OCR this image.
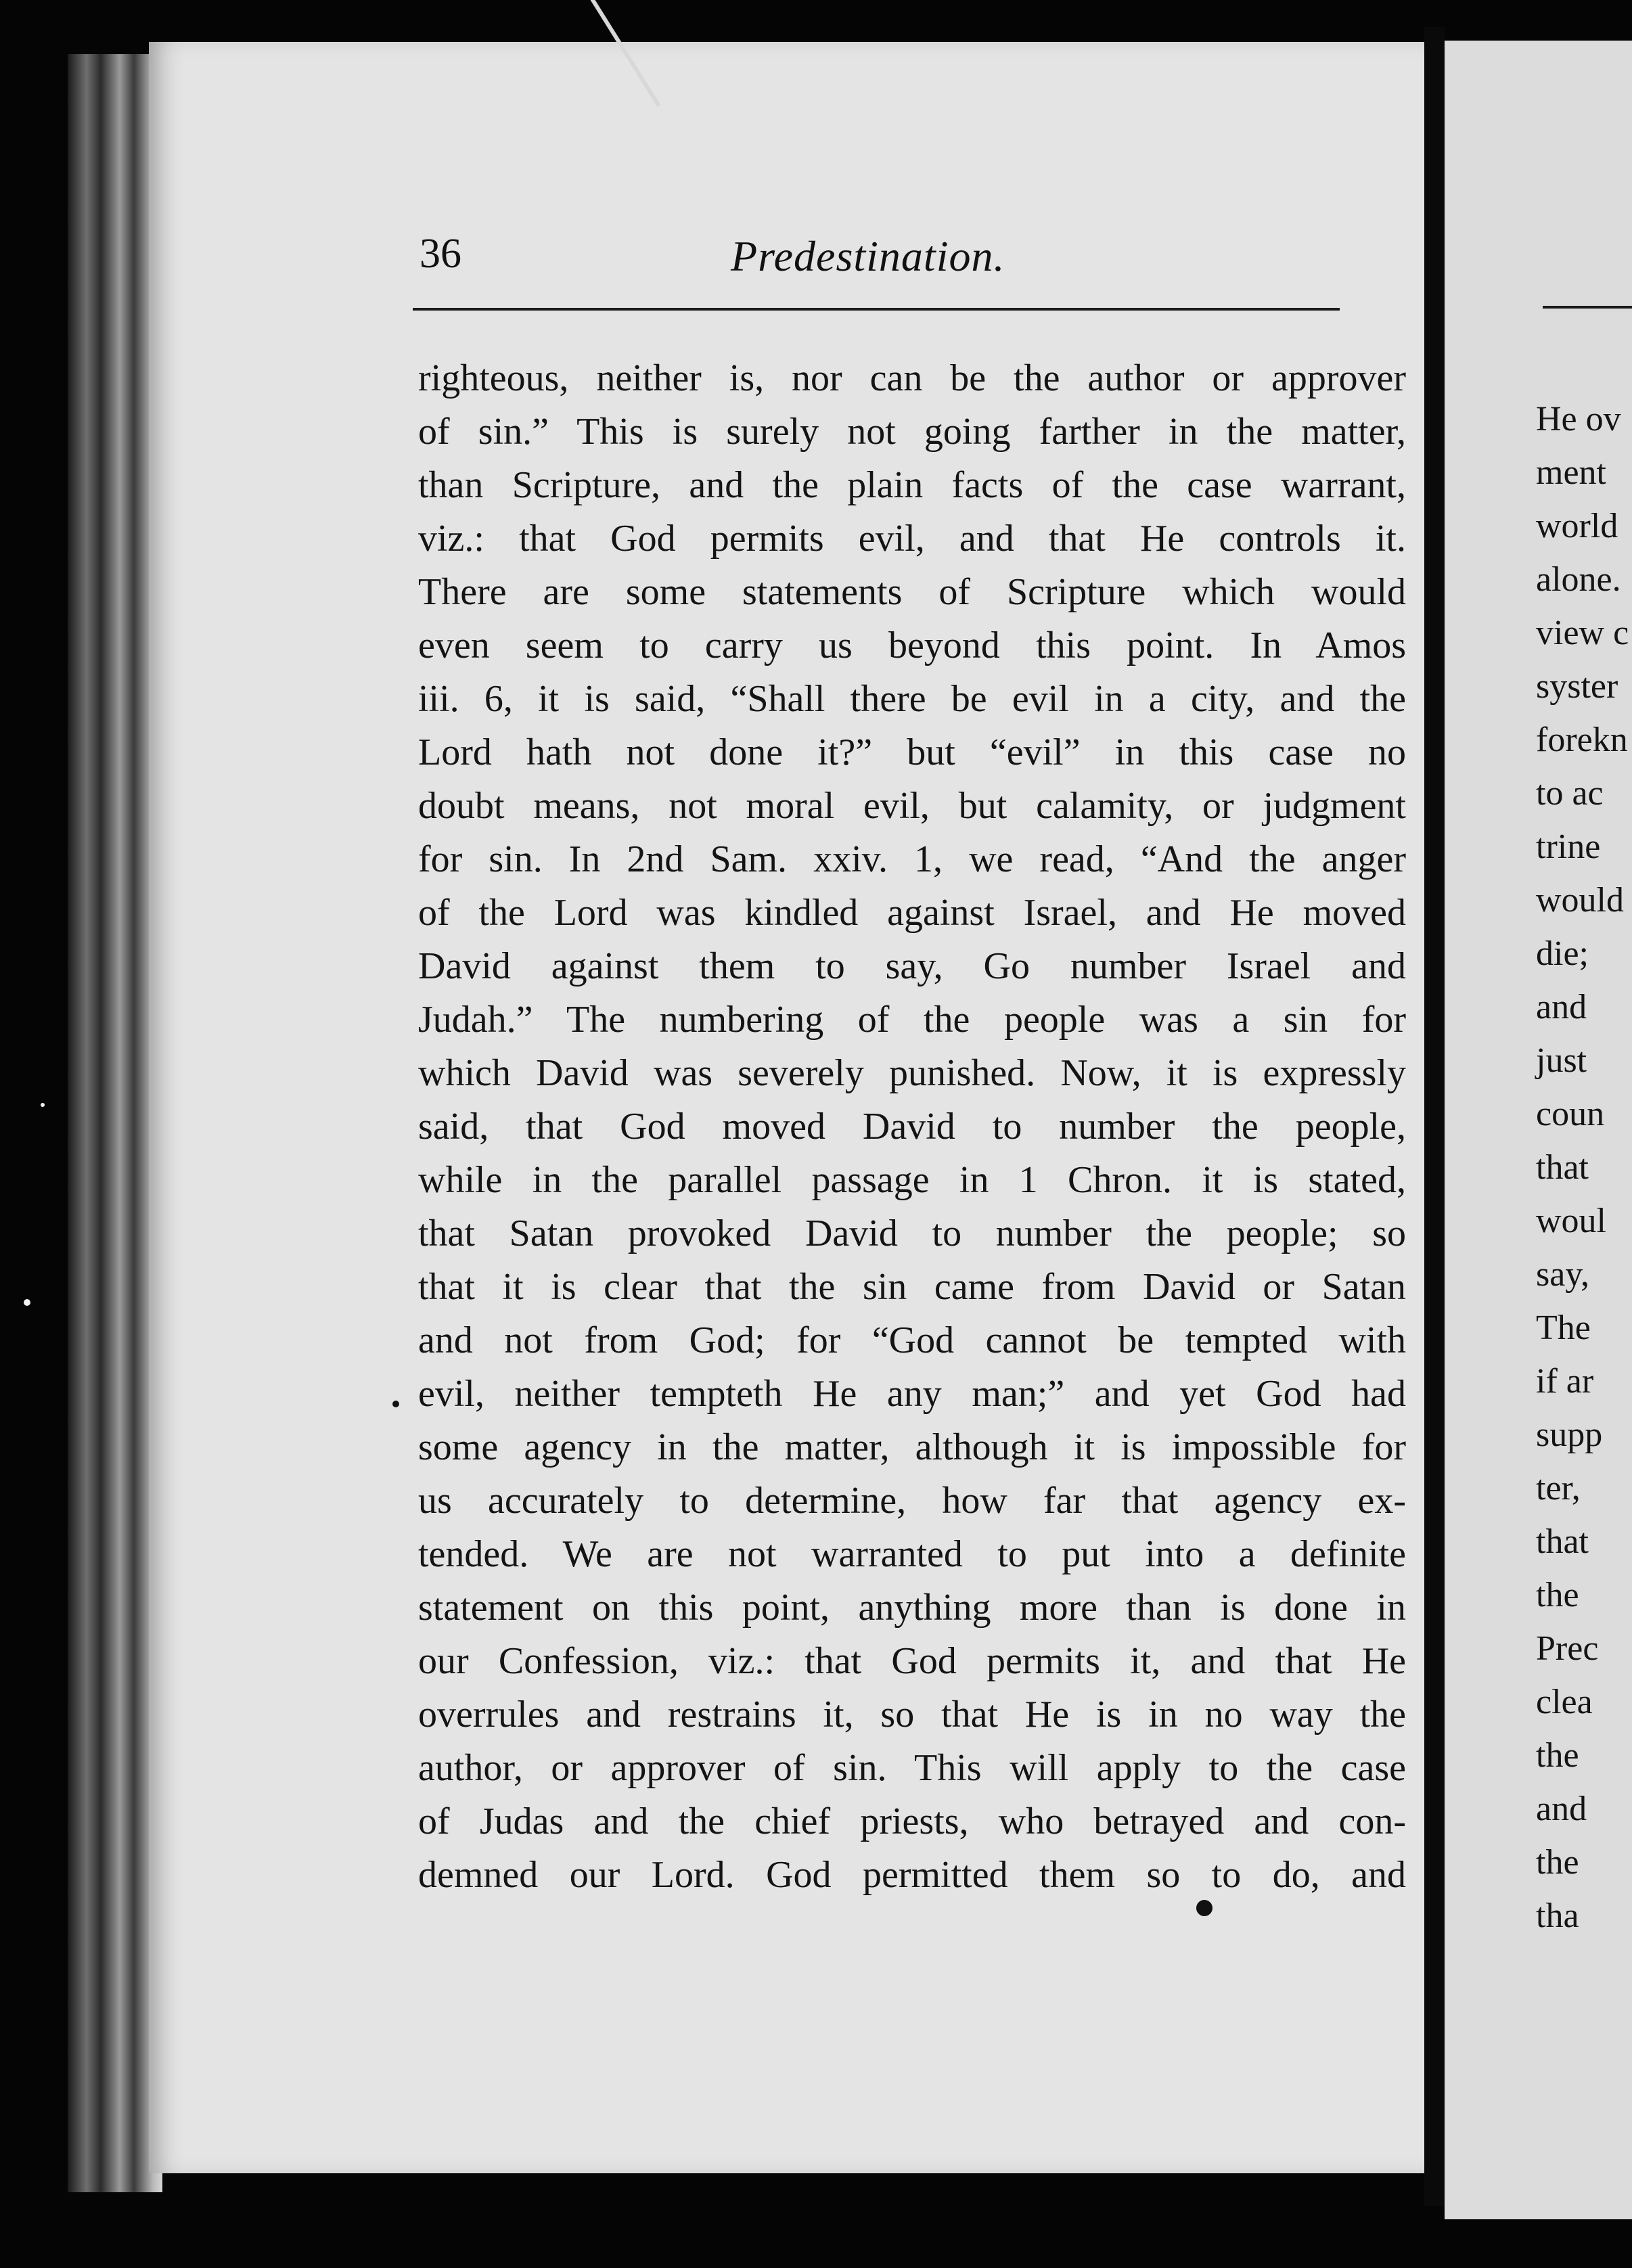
36	Predestination.
righteous, neither is, nor can be the author or approver
of sin.” This is surely not going farther in the matter,
than Scripture, and the plain facts of the case warrant,
viz.: that God permits evil, and that He controls it.
There are some statements of Scripture which would
even seem to carry us beyond this point. In Amos
iii. 6, it is said, “Shall there be evil in a city, and the
Lord hath not done it?” but “evil” in this case no
doubt means, not moral evil, but calamity, or judgment
for sin. In 2nd Sam. xxiv. 1, we read, “And the anger
of the Lord was kindled against Israel, and He moved
David against them to say, Go number Israel and
Judah.” The numbering of the people was a sin for
which David was severely punished. Now, it is expressly
said, that God moved David to number the people,
while in the parallel passage in 1 Chron. it is stated,
that Satan provoked David to number the people; so
that it is clear that the sin came from David or Satan
and not from God; for “God cannot be tempted with
evil, neither tempteth He any man;” and yet God had
some agency in the matter, although it is impossible for
us accurately to determine, how far that agency ex-
tended. We are not warranted to put into a definite
statement on this point, anything more than is done in
our Confession, viz.: that God permits it, and that He
overrules and restrains it, so that He is in no way the
author, or approver of sin. This will apply to the case
of Judas and the chief priests, who betrayed and con-
demned our Lord. God permitted them so to do, and
He ov
ment
world
alone.
view c
syster
forekn
to ac
trine
would
die;
and
just
coun
that
woul
say,
The
if ar
supp
ter,
that
the
Prec
clea
the
and
the
tha
